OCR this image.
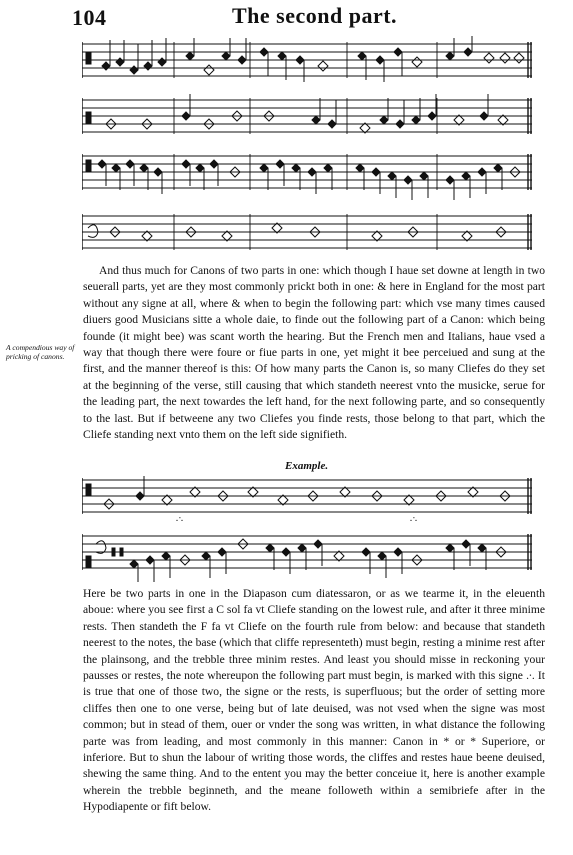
104	The second part.

And thus much for Canons of two parts in one: which though I haue set downe at length in two seuerall parts, yet are they most commonly prickt both in one: & here in England for the most part without any signe at all, where & when to begin the following part: which vse many times caused diuers good Musicians sitte a whole daie, to finde out the following part of a Canon: which being founde (it might bee) was scant worth the hearing. But the French men and Italians, haue vsed a way that though there were foure or fiue parts in one, yet might it bee perceiued and sung at the first, and the manner thereof is this: Of how many parts the Canon is, so many Cliefes do they set at the beginning of the verse, still causing that which standeth neerest vnto the musicke, serue for the leading part, the next towardes the left hand, for the next following parte, and so consequently to the last. But if betweene any two Cliefes you finde rests, those belong to that part, which the Cliefe standing next vnto them on the left side signifieth.

A compendious way of pricking of canons.
Example.
.∙.	.∙.

Here be two parts in one in the Diapason cum diatessaron, or as we tearme it, in the eleuenth aboue: where you see first a C sol fa vt Cliefe standing on the lowest rule, and after it three minime rests. Then standeth the F fa vt Cliefe on the fourth rule from below: and because that standeth neerest to the notes, the base (which that cliffe representeth) must begin, resting a minime rest after the plainsong, and the trebble three minim restes. And least you should misse in reckoning your pausses or restes, the note whereupon the following part must begin, is marked with this signe .∙. It is true that one of those two, the signe or the rests, is superfluous; but the order of setting more cliffes then one to one verse, being but of late deuised, was not vsed when the signe was most common; but in stead of them, ouer or vnder the song was written, in what distance the following parte was from leading, and most commonly in this manner: Canon in * or * Superiore, or inferiore. But to shun the labour of writing those words, the cliffes and restes haue beene deuised, shewing the same thing. And to the entent you may the better conceiue it, here is another example wherein the trebble beginneth, and the meane followeth within a semibriefe after in the Hypodiapente or fift below.
